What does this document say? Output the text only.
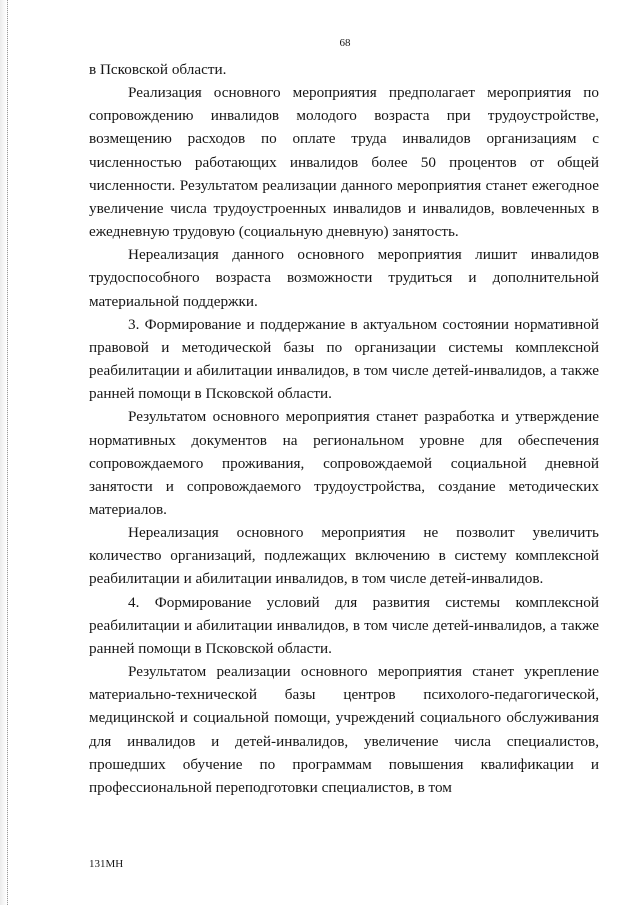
68

в Псковской области.

Реализация основного мероприятия предполагает мероприятия по сопровождению инвалидов молодого возраста при трудоустройстве, возмещению расходов по оплате труда инвалидов организациям с численностью работающих инвалидов более 50 процентов от общей численности. Результатом реализации данного мероприятия станет ежегодное увеличение числа трудоустроенных инвалидов и инвалидов, вовлеченных в ежедневную трудовую (социальную дневную) занятость.

Нереализация данного основного мероприятия лишит инвалидов трудоспособного возраста возможности трудиться и дополнительной материальной поддержки.

3. Формирование и поддержание в актуальном состоянии нормативной правовой и методической базы по организации системы комплексной реабилитации и абилитации инвалидов, в том числе детей-инвалидов, а также ранней помощи в Псковской области.

Результатом основного мероприятия станет разработка и утверждение нормативных документов на региональном уровне для обеспечения сопровождаемого проживания, сопровождаемой социальной дневной занятости и сопровождаемого трудоустройства, создание методических материалов.

Нереализация основного мероприятия не позволит увеличить количество организаций, подлежащих включению в систему комплексной реабилитации и абилитации инвалидов, в том числе детей-инвалидов.

4. Формирование условий для развития системы комплексной реабилитации и абилитации инвалидов, в том числе детей-инвалидов, а также ранней помощи в Псковской области.

Результатом реализации основного мероприятия станет укрепление материально-технической базы центров психолого-педагогической, медицинской и социальной помощи, учреждений социального обслуживания для инвалидов и детей-инвалидов, увеличение числа специалистов, прошедших обучение по программам повышения квалификации и профессиональной переподготовки специалистов, в том

131МН
